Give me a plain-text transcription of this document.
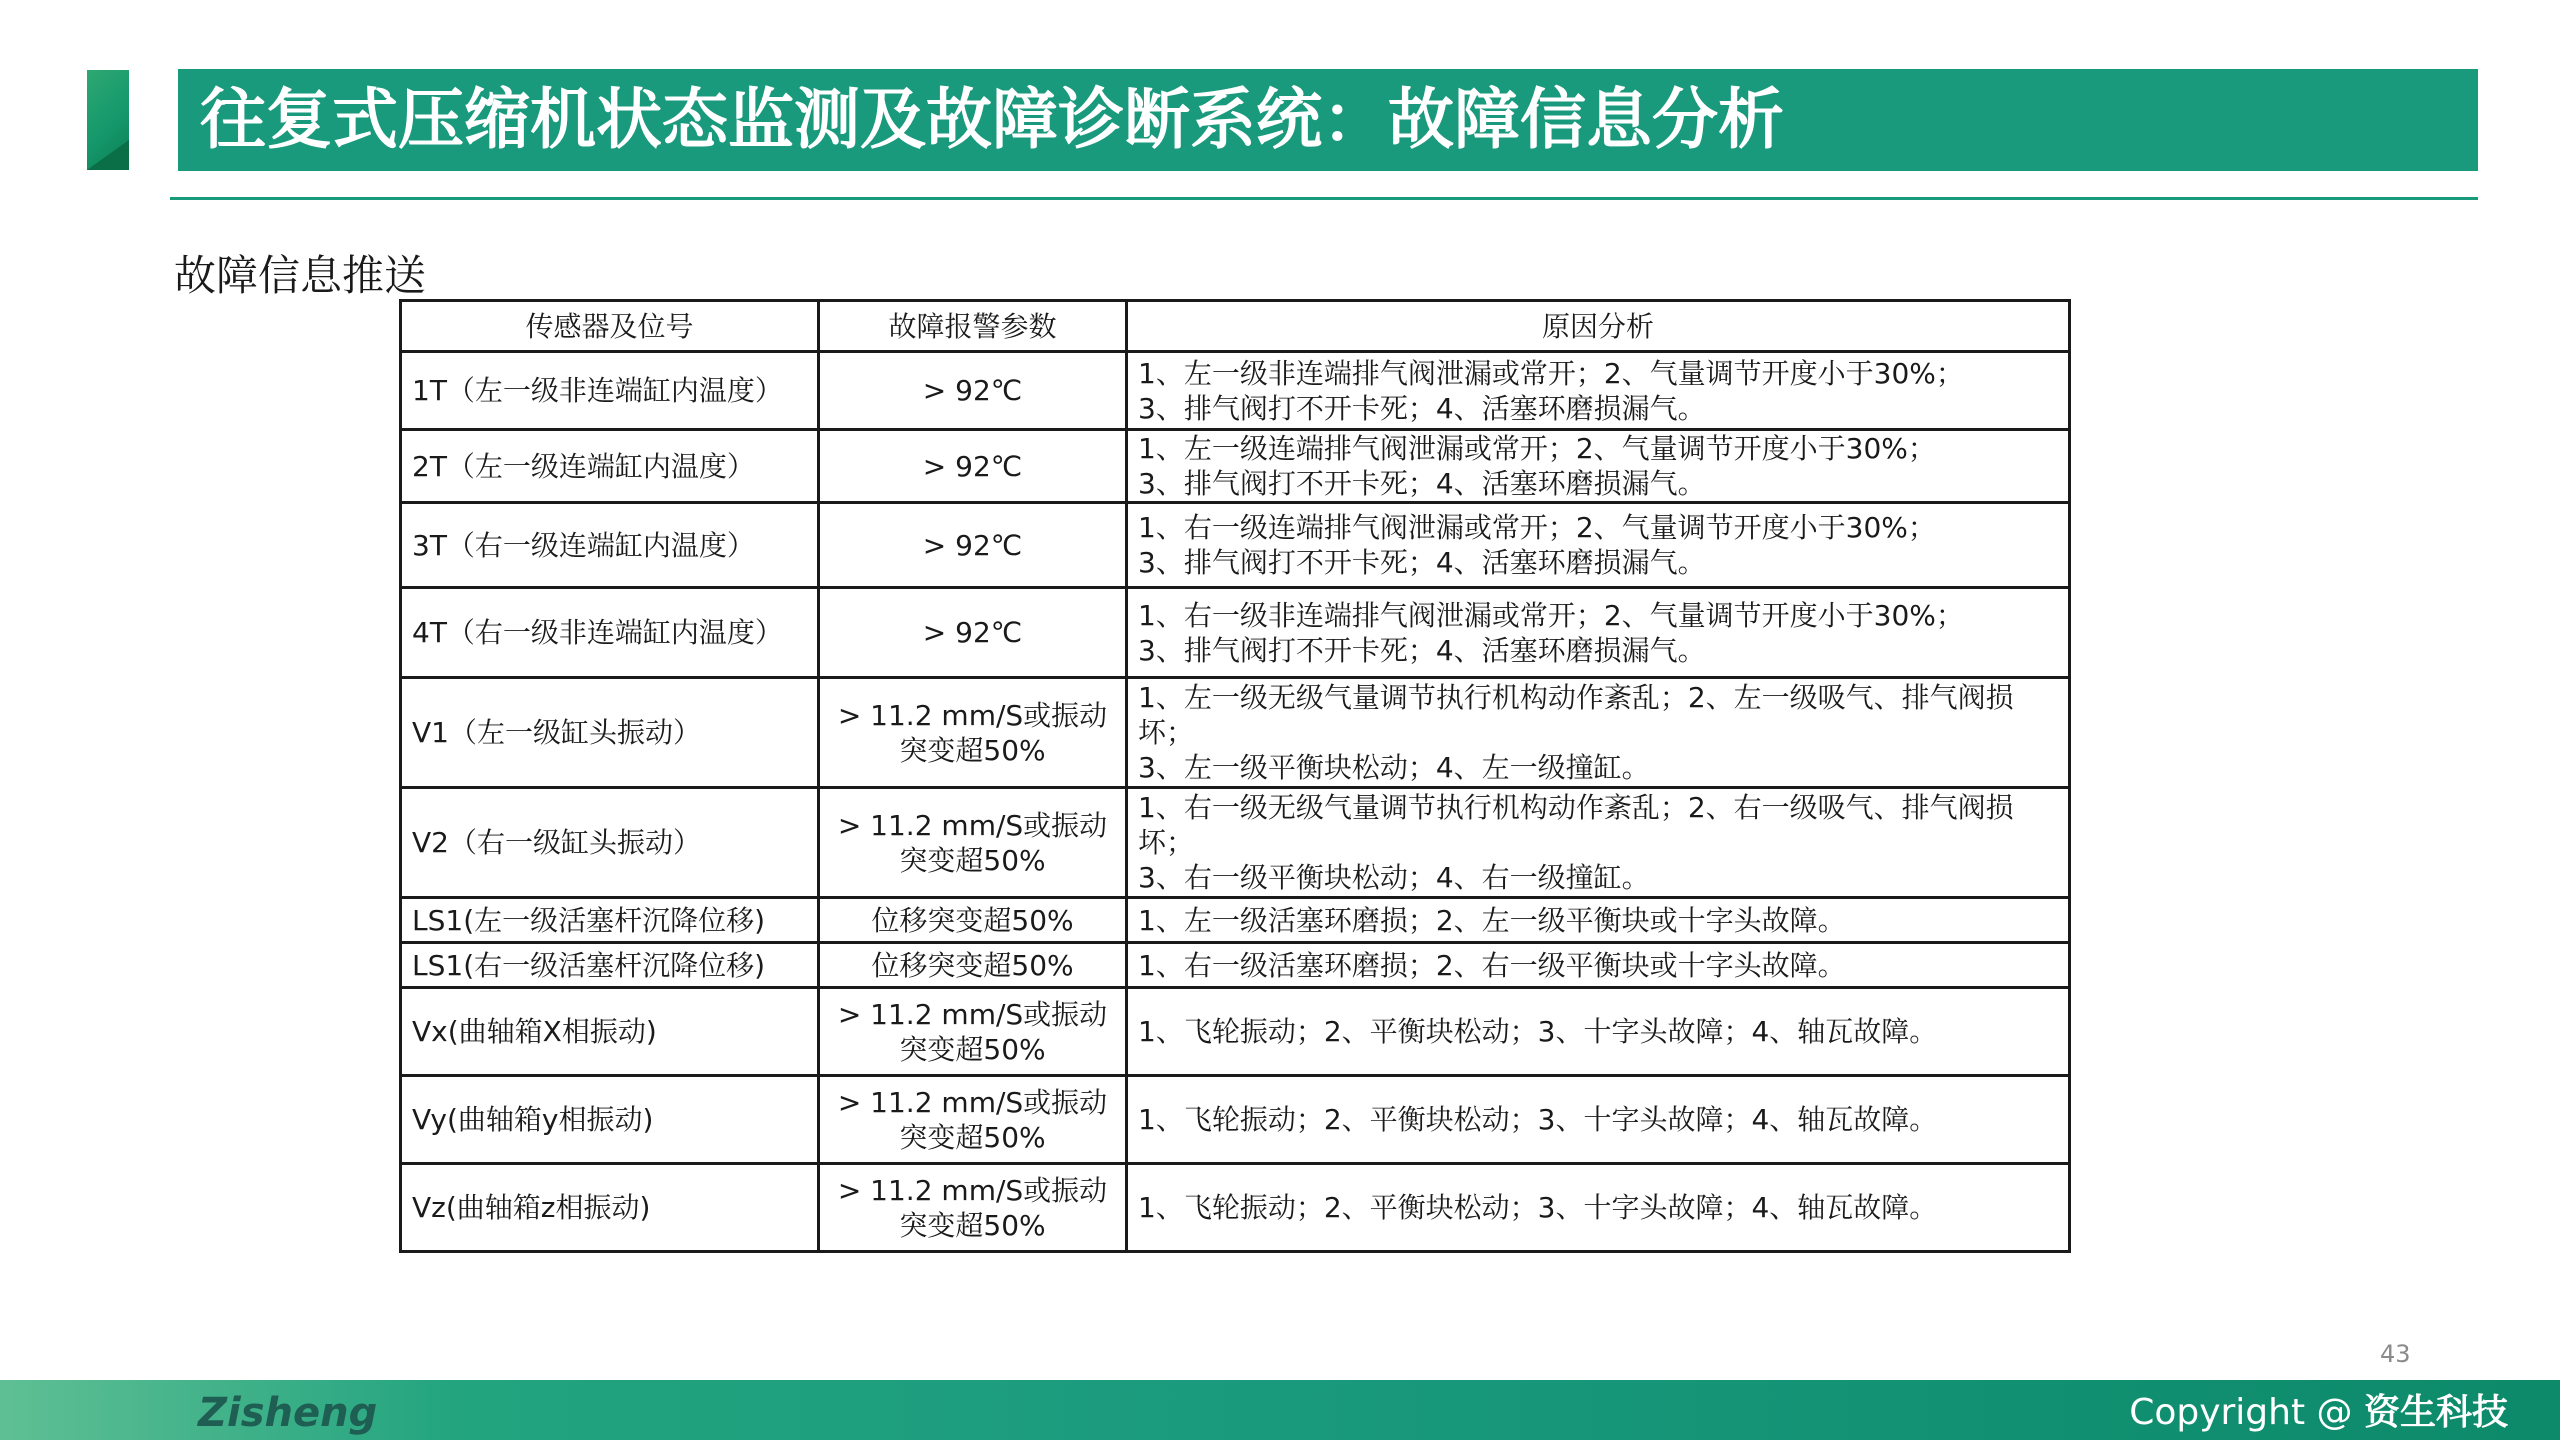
往复式压缩机状态监测及故障诊断系统：故障信息分析
故障信息推送
传感器及位号	故障报警参数	原因分析
1T（左一级非连端缸内温度）	> 92℃	1、左一级非连端排气阀泄漏或常开；2、气量调节开度小于30%；
3、排气阀打不开卡死；4、活塞环磨损漏气。

2T（左一级连端缸内温度）	> 92℃	1、左一级连端排气阀泄漏或常开；2、气量调节开度小于30%；
3、排气阀打不开卡死；4、活塞环磨损漏气。

3T（右一级连端缸内温度）	> 92℃	1、右一级连端排气阀泄漏或常开；2、气量调节开度小于30%；
3、排气阀打不开卡死；4、活塞环磨损漏气。

4T（右一级非连端缸内温度）	> 92℃	1、右一级非连端排气阀泄漏或常开；2、气量调节开度小于30%；
3、排气阀打不开卡死；4、活塞环磨损漏气。

V1（左一级缸头振动）	> 11.2 mm/S或振动
突变超50%	1、左一级无级气量调节执行机构动作紊乱；2、左一级吸气、排气阀损
坏；
3、左一级平衡块松动；4、左一级撞缸。

V2（右一级缸头振动）	> 11.2 mm/S或振动
突变超50%	1、右一级无级气量调节执行机构动作紊乱；2、右一级吸气、排气阀损
坏；
3、右一级平衡块松动；4、右一级撞缸。

LS1(左一级活塞杆沉降位移)	位移突变超50%	1、左一级活塞环磨损；2、左一级平衡块或十字头故障。

LS1(右一级活塞杆沉降位移)	位移突变超50%	1、右一级活塞环磨损；2、右一级平衡块或十字头故障。

Vx(曲轴箱X相振动)	> 11.2 mm/S或振动
突变超50%	1、飞轮振动；2、平衡块松动；3、十字头故障；4、轴瓦故障。

Vy(曲轴箱y相振动)	> 11.2 mm/S或振动
突变超50%	1、飞轮振动；2、平衡块松动；3、十字头故障；4、轴瓦故障。

Vz(曲轴箱z相振动)	> 11.2 mm/S或振动
突变超50%	1、飞轮振动；2、平衡块松动；3、十字头故障；4、轴瓦故障。
43
Zisheng	Copyright @ 资生科技
